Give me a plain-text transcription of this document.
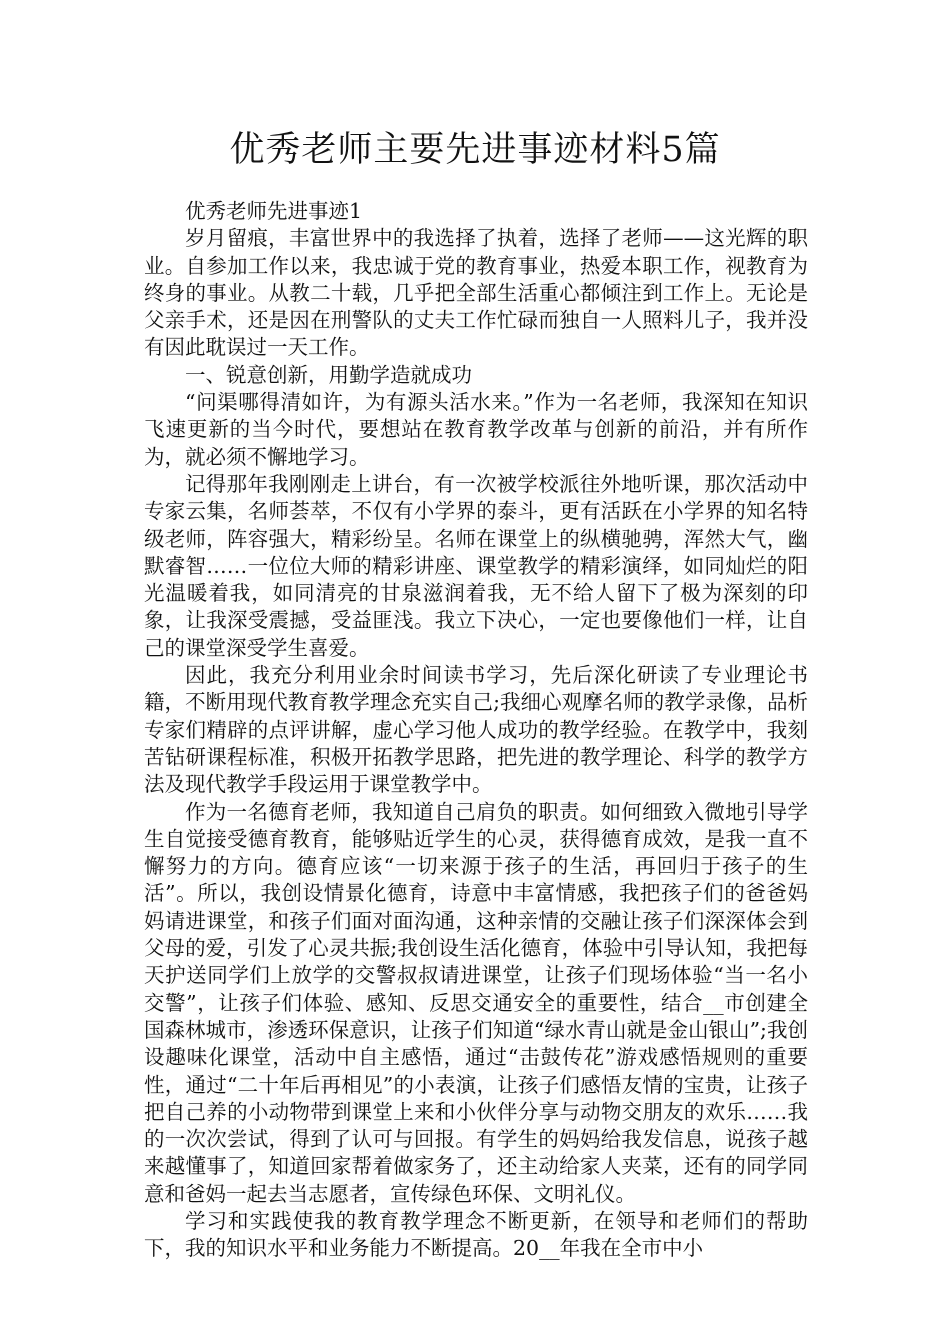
优秀老师主要先进事迹材料5篇

优秀老师先进事迹1

岁月留痕，丰富世界中的我选择了执着，选择了老师——这光辉的职业。自参加工作以来，我忠诚于党的教育事业，热爱本职工作，视教育为终身的事业。从教二十载，几乎把全部生活重心都倾注到工作上。无论是父亲手术，还是因在刑警队的丈夫工作忙碌而独自一人照料儿子，我并没有因此耽误过一天工作。

一、锐意创新，用勤学造就成功

“问渠哪得清如许，为有源头活水来。”作为一名老师，我深知在知识飞速更新的当今时代，要想站在教育教学改革与创新的前沿，并有所作为，就必须不懈地学习。

记得那年我刚刚走上讲台，有一次被学校派往外地听课，那次活动中专家云集，名师荟萃，不仅有小学界的泰斗，更有活跃在小学界的知名特级老师，阵容强大，精彩纷呈。名师在课堂上的纵横驰骋，浑然大气，幽默睿智……一位位大师的精彩讲座、课堂教学的精彩演绎，如同灿烂的阳光温暖着我，如同清亮的甘泉滋润着我，无不给人留下了极为深刻的印象，让我深受震撼，受益匪浅。我立下决心，一定也要像他们一样，让自己的课堂深受学生喜爱。

因此，我充分利用业余时间读书学习，先后深化研读了专业理论书籍，不断用现代教育教学理念充实自己;我细心观摩名师的教学录像，品析专家们精辟的点评讲解，虚心学习他人成功的教学经验。在教学中，我刻苦钻研课程标准，积极开拓教学思路，把先进的教学理论、科学的教学方法及现代教学手段运用于课堂教学中。

作为一名德育老师，我知道自己肩负的职责。如何细致入微地引导学生自觉接受德育教育，能够贴近学生的心灵，获得德育成效，是我一直不懈努力的方向。德育应该“一切来源于孩子的生活，再回归于孩子的生活”。所以，我创设情景化德育，诗意中丰富情感，我把孩子们的爸爸妈妈请进课堂，和孩子们面对面沟通，这种亲情的交融让孩子们深深体会到父母的爱，引发了心灵共振;我创设生活化德育，体验中引导认知，我把每天护送同学们上放学的交警叔叔请进课堂，让孩子们现场体验“当一名小交警”，让孩子们体验、感知、反思交通安全的重要性，结合__市创建全国森林城市，渗透环保意识，让孩子们知道“绿水青山就是金山银山”;我创设趣味化课堂，活动中自主感悟，通过“击鼓传花”游戏感悟规则的重要性，通过“二十年后再相见”的小表演，让孩子们感悟友情的宝贵，让孩子把自己养的小动物带到课堂上来和小伙伴分享与动物交朋友的欢乐……我的一次次尝试，得到了认可与回报。有学生的妈妈给我发信息，说孩子越来越懂事了，知道回家帮着做家务了，还主动给家人夹菜，还有的同学同意和爸妈一起去当志愿者，宣传绿色环保、文明礼仪。

学习和实践使我的教育教学理念不断更新，在领导和老师们的帮助下，我的知识水平和业务能力不断提高。20__年我在全市中小
